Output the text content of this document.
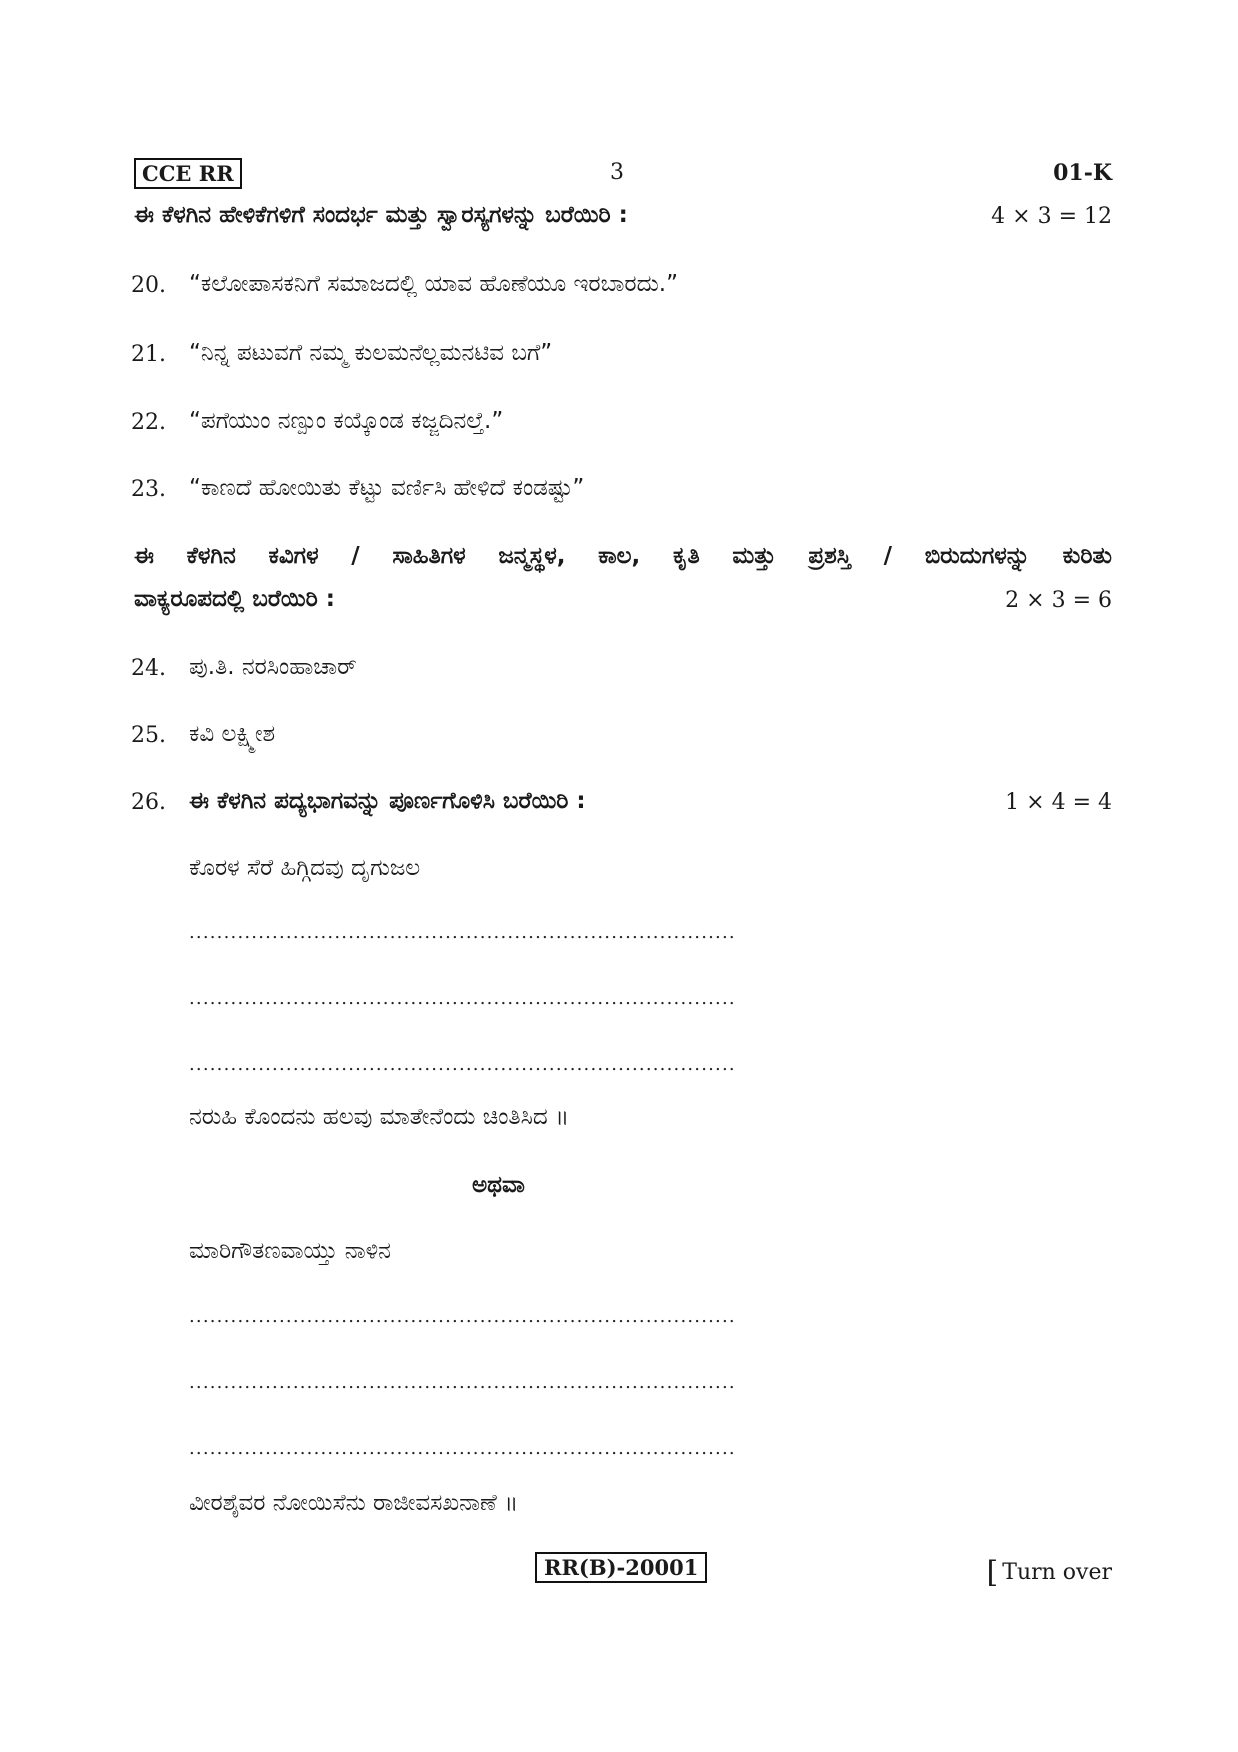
CCE RR	3	01-K
ಈ ಕೆಳಗಿನ ಹೇಳಿಕೆಗಳಿಗೆ ಸಂದರ್ಭ ಮತ್ತು ಸ್ವಾರಸ್ಯಗಳನ್ನು ಬರೆಯಿರಿ :	4 × 3 = 12
20. “ಕಲೋಪಾಸಕನಿಗೆ ಸಮಾಜದಲ್ಲಿ ಯಾವ ಹೊಣೆಯೂ ಇರಬಾರದು.”
21. “ನಿನ್ನ ಪಟುವಗೆ ನಮ್ಮ ಕುಲಮನೆಲ್ಲಮನಟಿವ ಬಗೆ”
22. “ಪಗೆಯುಂ ನಣ್ಪುಂ ಕಯ್ಕೊಂಡ ಕಜ್ಜದಿನಲ್ತೆ.”
23. “ಕಾಣದೆ ಹೋಯಿತು ಕೆಟ್ಟು ವರ್ಣಿಸಿ ಹೇಳಿದೆ ಕಂಡಷ್ಟು”
ಈ ಕೆಳಗಿನ ಕವಿಗಳ / ಸಾಹಿತಿಗಳ ಜನ್ಮಸ್ಥಳ, ಕಾಲ, ಕೃತಿ ಮತ್ತು ಪ್ರಶಸ್ತಿ / ಬಿರುದುಗಳನ್ನು ಕುರಿತು
ವಾಕ್ಯರೂಪದಲ್ಲಿ ಬರೆಯಿರಿ :	2 × 3 = 6
24. ಪು.ತಿ. ನರಸಿಂಹಾಚಾರ್
25. ಕವಿ ಲಕ್ಷ್ಮೀಶ
26. ಈ ಕೆಳಗಿನ ಪದ್ಯಭಾಗವನ್ನು ಪೂರ್ಣಗೊಳಿಸಿ ಬರೆಯಿರಿ :	1 × 4 = 4
ಕೊರಳ ಸೆರೆ ಹಿಗ್ಗಿದವು ದೃಗುಜಲ
...............................................................................
...............................................................................
...............................................................................
ನರುಹಿ ಕೊಂದನು ಹಲವು ಮಾತೇನೆಂದು ಚಿಂತಿಸಿದ ॥
ಅಥವಾ
ಮಾರಿಗೌತಣವಾಯ್ತು ನಾಳಿನ
...............................................................................
...............................................................................
...............................................................................
ವೀರಶೈವರ ನೋಯಿಸೆನು ರಾಜೀವಸಖನಾಣೆ ॥
RR(B)-20001	[ Turn over
